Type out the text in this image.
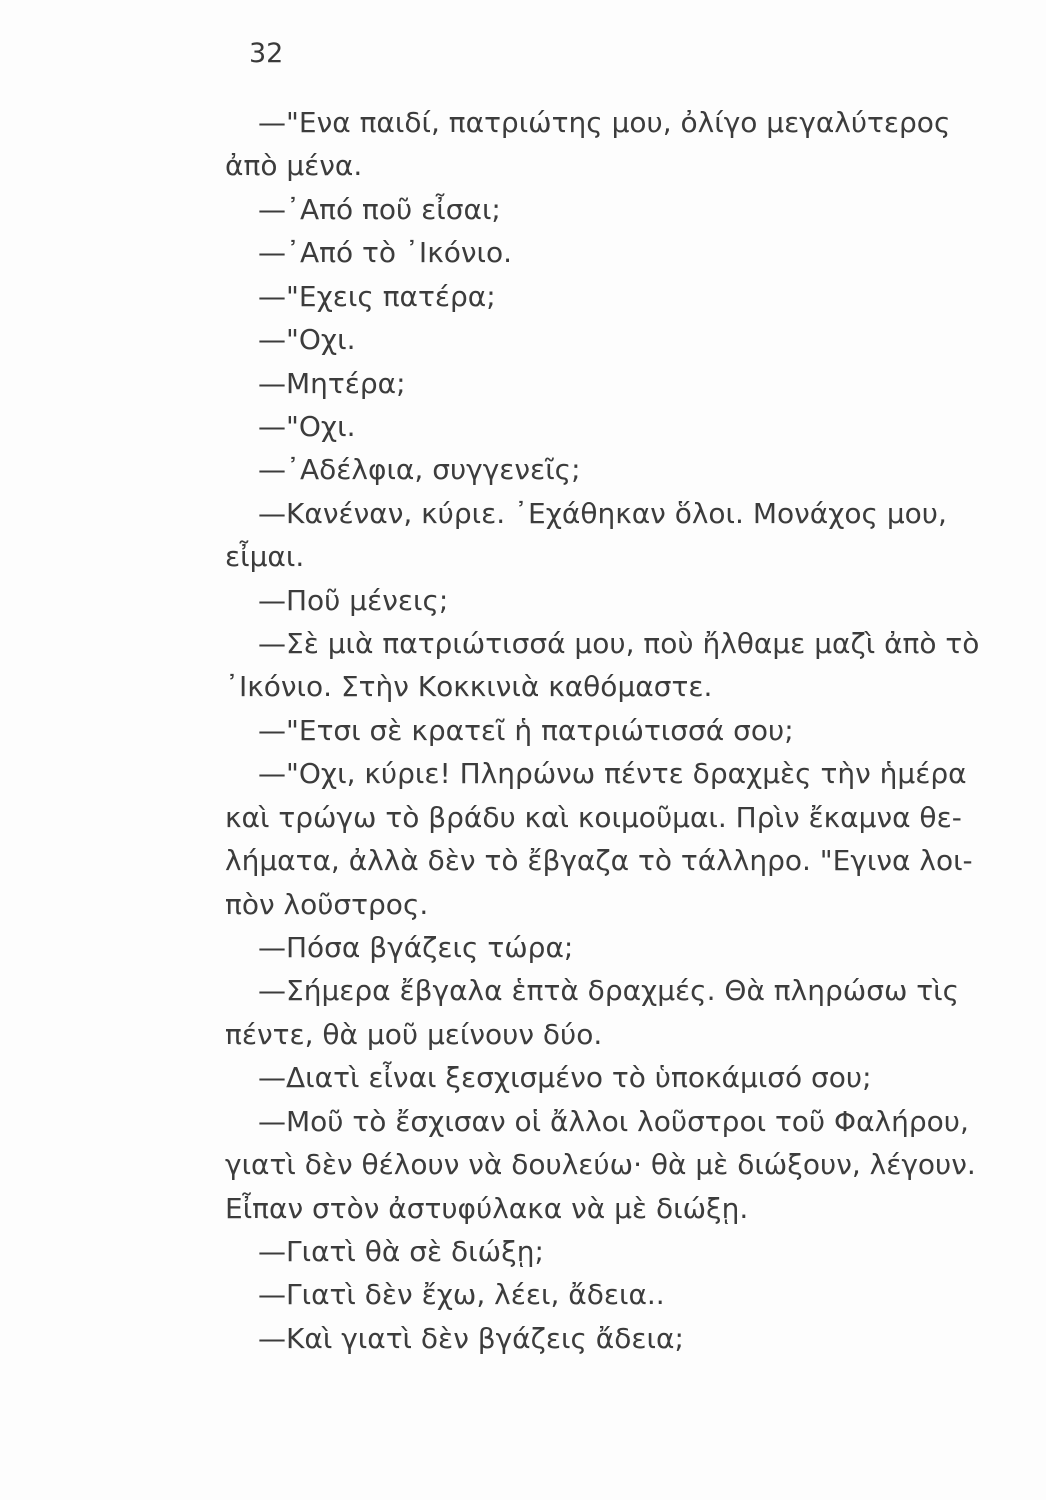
32
—"Ενα παιδί, πατριώτης μου, ὀλίγο μεγαλύτερος
ἀπὸ μένα.
—᾽Από ποῦ εἶσαι;
—᾽Από τὸ ᾽Ικόνιο.
—"Εχεις πατέρα;
—"Οχι.
—Μητέρα;
—"Οχι.
—᾽Αδέλφια, συγγενεῖς;
—Κανέναν, κύριε. ᾽Εχάθηκαν ὅλοι. Μονάχος μου,
εἶμαι.
—Ποῦ μένεις;
—Σὲ μιὰ πατριώτισσά μου, ποὺ ἤλθαμε μαζὶ ἀπὸ τὸ
᾽Ικόνιο. Στὴν Κοκκινιὰ καθόμαστε.
—"Ετσι σὲ κρατεῖ ἡ πατριώτισσά σου;
—"Οχι, κύριε! Πληρώνω πέντε δραχμὲς τὴν ἡμέρα
καὶ τρώγω τὸ βράδυ καὶ κοιμοῦμαι. Πρὶν ἔκαμνα θε-
λήματα, ἀλλὰ δὲν τὸ ἔβγαζα τὸ τάλληρο. "Εγινα λοι-
πὸν λοῦστρος.
—Πόσα βγάζεις τώρα;
—Σήμερα ἔβγαλα ἑπτὰ δραχμές. Θὰ πληρώσω τὶς
πέντε, θὰ μοῦ μείνουν δύο.
—Διατὶ εἶναι ξεσχισμένο τὸ ὑποκάμισό σου;
—Μοῦ τὸ ἔσχισαν οἱ ἄλλοι λοῦστροι τοῦ Φαλήρου,
γιατὶ δὲν θέλουν νὰ δουλεύω· θὰ μὲ διώξουν, λέγουν.
Εἶπαν στὸν ἀστυφύλακα νὰ μὲ διώξῃ.
—Γιατὶ θὰ σὲ διώξῃ;
—Γιατὶ δὲν ἔχω, λέει, ἄδεια..
—Καὶ γιατὶ δὲν βγάζεις ἄδεια;
